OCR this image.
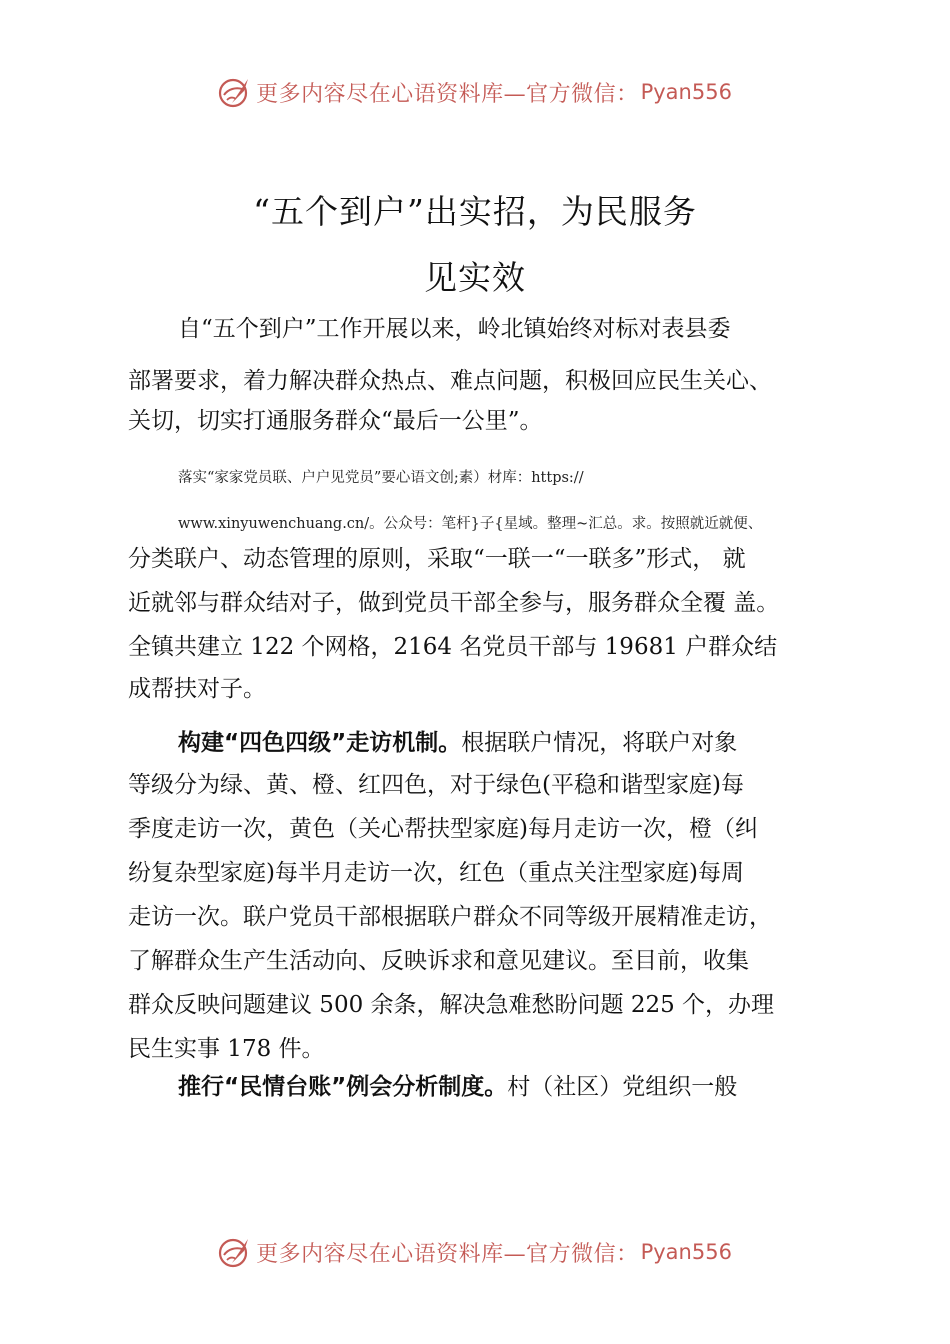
更多内容尽在心语资料库—官方微信： Pyan556
“五个到户”出实招，为民服务
见实效
自“五个到户”工作开展以来，岭北镇始终对标对表县委
部署要求，着力解决群众热点、难点问题，积极回应民生关心、
关切，切实打通服务群众“最后一公里”。
落实“家家党员联、户户见党员”要心语文创;素）材库：https://
www.xinyuwenchuang.cn/。公众号：笔杆}子{星域。整理~汇总。求。按照就近就便、
分类联户、动态管理的原则，采取“一联一“一联多”形式， 就
近就邻与群众结对子，做到党员干部全参与，服务群众全覆 盖。
全镇共建立 122 个网格，2164 名党员干部与 19681 户群众结
成帮扶对子。
构建“四色四级”走访机制。根据联户情况，将联户对象
等级分为绿、黄、橙、红四色，对于绿色(平稳和谐型家庭)每
季度走访一次，黄色（关心帮扶型家庭)每月走访一次，橙（纠
纷复杂型家庭)每半月走访一次，红色（重点关注型家庭)每周
走访一次。联户党员干部根据联户群众不同等级开展精准走访，
了解群众生产生活动向、反映诉求和意见建议。至目前，收集
群众反映问题建议 500 余条，解决急难愁盼问题 225 个，办理
民生实事 178 件。
推行“民情台账”例会分析制度。村（社区）党组织一般
更多内容尽在心语资料库—官方微信： Pyan556
